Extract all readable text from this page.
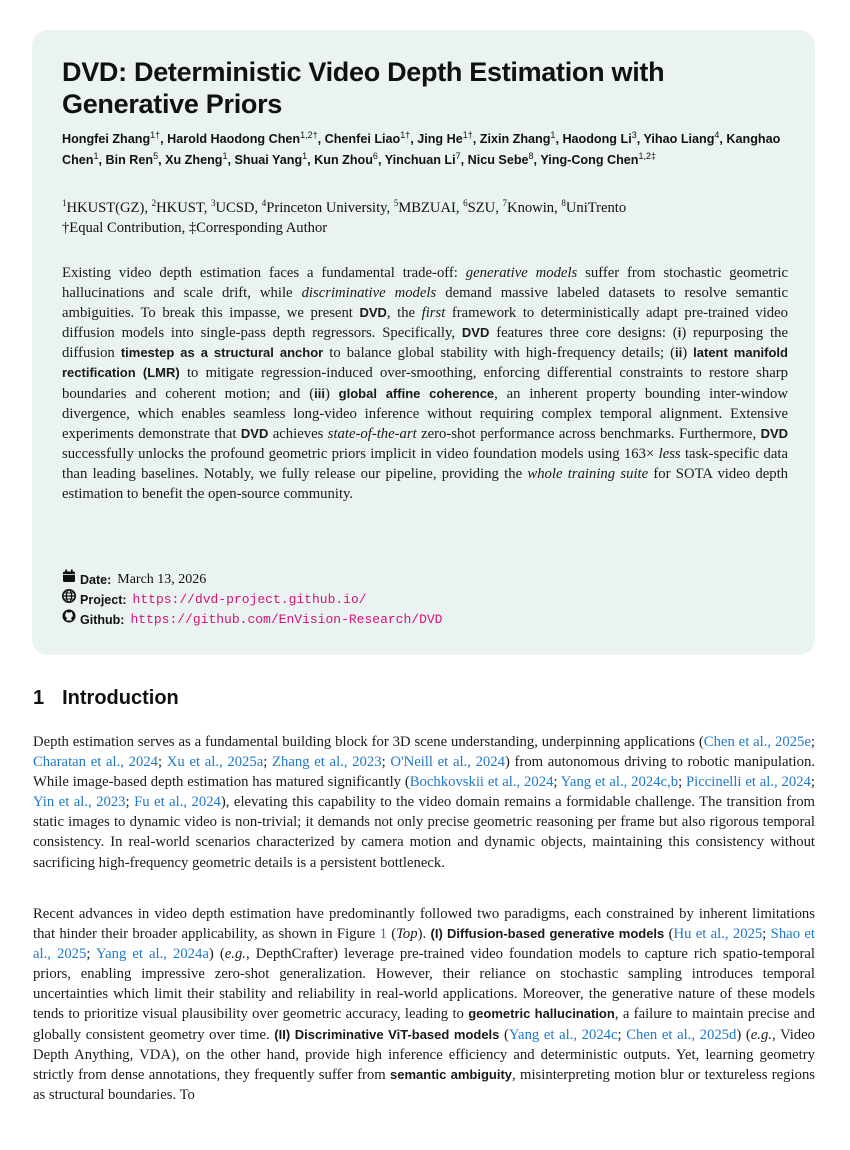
DVD: Deterministic Video Depth Estimation with Generative Priors
Hongfei Zhang$^{1\dagger}$, Harold Haodong Chen$^{1,2\dagger}$, Chenfei Liao$^{1\dagger}$, Jing $He^{1\dagger}$, Zixin Zhang$^1$, Haodong Li$^3$, Yihao Liang$^4$, Kanghao Chen$^1$, Bin Ren$^5$, Xu Zheng$^1$, Shuai Yang$^1$, Kun Zhou$^6$, Yinchuan Li$^7$, Nicu Sebe$^8$, Ying-Cong Chen$^{1,2\ddagger}$
$^1$HKUST(GZ), $^2$HKUST, $^3$UCSD, $^4$Princeton University, $^5$MBZUAI, $^6$SZU, $^7$Knowin, $^8$UniTrento
†Equal Contribution, ‡Corresponding Author
Existing video depth estimation faces a fundamental trade-off: generative models suffer from stochastic geometric hallucinations and scale drift, while discriminative models demand massive labeled datasets to resolve semantic ambiguities. To break this impasse, we present DVD, the first framework to deterministically adapt pre-trained video diffusion models into single-pass depth regressors. Specifically, DVD features three core designs: (i) repurposing the diffusion timestep as a structural anchor to balance global stability with high-frequency details; (ii) latent manifold rectification (LMR) to mitigate regression-induced over-smoothing, enforcing differential constraints to restore sharp boundaries and coherent motion; and (iii) global affine coherence, an inherent property bounding inter-window divergence, which enables seamless long-video inference without requiring complex temporal alignment. Extensive experiments demonstrate that DVD achieves state-of-the-art zero-shot performance across benchmarks. Furthermore, DVD successfully unlocks the profound geometric priors implicit in video foundation models using 163× less task-specific data than leading baselines. Notably, we fully release our pipeline, providing the whole training suite for SOTA video depth estimation to benefit the open-source community.
Date: March 13, 2026
Project: https://dvd-project.github.io/
Github: https://github.com/EnVision-Research/DVD
1 Introduction
Depth estimation serves as a fundamental building block for 3D scene understanding, underpinning applications (Chen et al., 2025e; Charatan et al., 2024; Xu et al., 2025a; Zhang et al., 2023; O'Neill et al., 2024) from autonomous driving to robotic manipulation. While image-based depth estimation has matured significantly (Bochkovskii et al., 2024; Yang et al., 2024c,b; Piccinelli et al., 2024; Yin et al., 2023; Fu et al., 2024), elevating this capability to the video domain remains a formidable challenge. The transition from static images to dynamic video is non-trivial; it demands not only precise geometric reasoning per frame but also rigorous temporal consistency. In real-world scenarios characterized by camera motion and dynamic objects, maintaining this consistency without sacrificing high-frequency geometric details is a persistent bottleneck.
Recent advances in video depth estimation have predominantly followed two paradigms, each constrained by inherent limitations that hinder their broader applicability, as shown in Figure 1 (Top). (I) Diffusion-based generative models (Hu et al., 2025; Shao et al., 2025; Yang et al., 2024a) (e.g., DepthCrafter) leverage pre-trained video foundation models to capture rich spatio-temporal priors, enabling impressive zero-shot generalization. However, their reliance on stochastic sampling introduces temporal uncertainties which limit their stability and reliability in real-world applications. Moreover, the generative nature of these models tends to prioritize visual plausibility over geometric accuracy, leading to geometric hallucination, a failure to maintain precise and globally consistent geometry over time. (II) Discriminative ViT-based models (Yang et al., 2024c; Chen et al., 2025d) (e.g., Video Depth Anything, VDA), on the other hand, provide high inference efficiency and deterministic outputs. Yet, learning geometry strictly from dense annotations, they frequently suffer from semantic ambiguity, misinterpreting motion blur or textureless regions as structural boundaries. To
